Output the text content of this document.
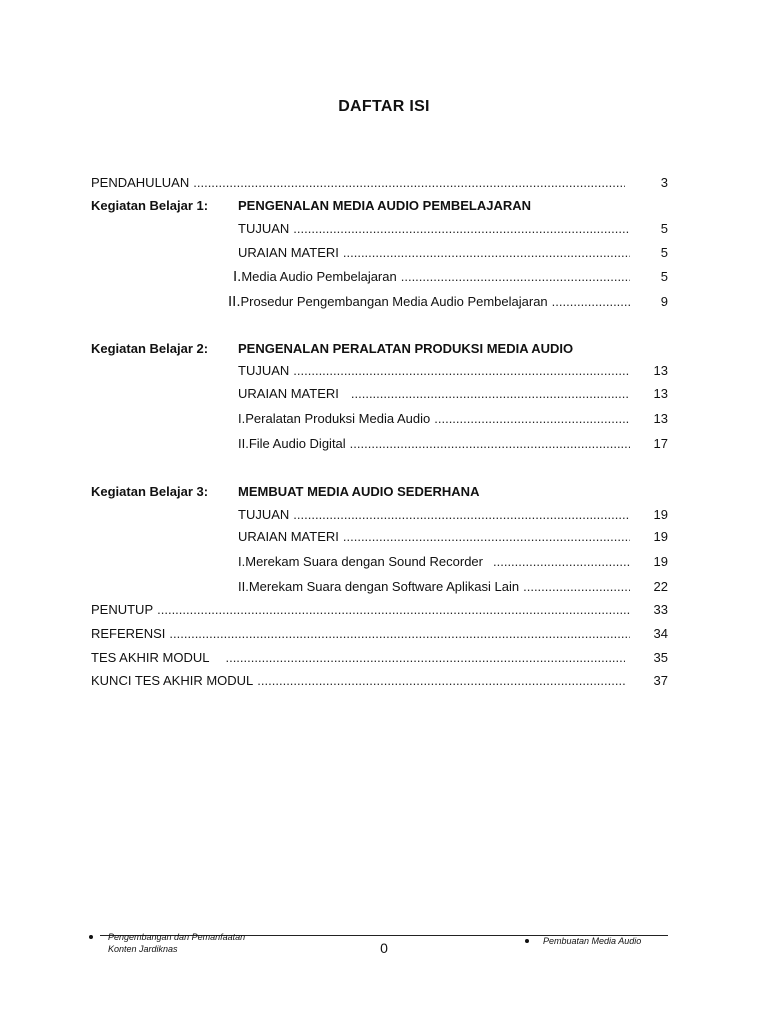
DAFTAR ISI
PENDAHULUAN .....	3
Kegiatan Belajar 1: PENGENALAN MEDIA AUDIO PEMBELAJARAN
TUJUAN .....	5
URAIAN MATERI .....	5
I. Media Audio Pembelajaran .....	5
II. Prosedur Pengembangan Media Audio Pembelajaran .....	9
Kegiatan Belajar 2: PENGENALAN PERALATAN PRODUKSI MEDIA AUDIO
TUJUAN .....	13
URAIAN MATERI .....	13
I. Peralatan Produksi Media Audio .....	13
II. File Audio Digital .....	17
Kegiatan Belajar 3: MEMBUAT MEDIA AUDIO SEDERHANA
TUJUAN .....	19
URAIAN MATERI .....	19
I. Merekam Suara dengan Sound Recorder .....	19
II. Merekam Suara dengan Software Aplikasi Lain .....	22
PENUTUP .....	33
REFERENSI .....	34
TES AKHIR MODUL .....	35
KUNCI TES AKHIR MODUL .....	37
Pengembangan dan Pemanfaatan
Konten Jardiknas	0	Pembuatan Media Audio
